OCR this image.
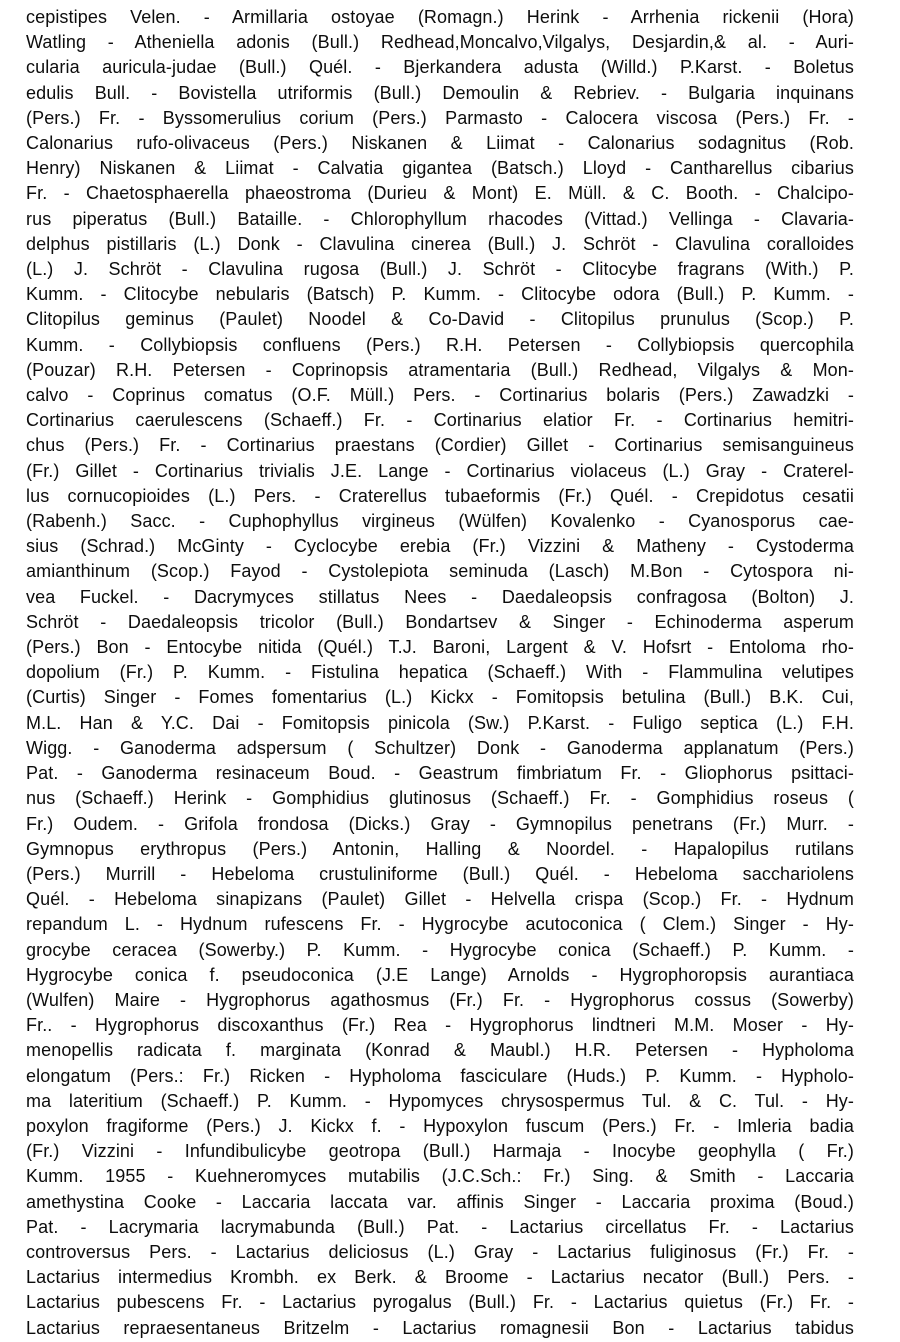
cepistipes Velen. - Armillaria ostoyae (Romagn.) Herink - Arrhenia rickenii (Hora)
Watling - Atheniella adonis (Bull.) Redhead,Moncalvo,Vilgalys, Desjardin,& al. - Auri-
cularia auricula-judae (Bull.) Quél. - Bjerkandera adusta (Willd.) P.Karst. - Boletus
edulis Bull. - Bovistella utriformis (Bull.) Demoulin & Rebriev. - Bulgaria inquinans
(Pers.) Fr. - Byssomerulius corium (Pers.) Parmasto - Calocera viscosa (Pers.) Fr. -
Calonarius rufo-olivaceus (Pers.) Niskanen & Liimat - Calonarius sodagnitus (Rob.
Henry) Niskanen & Liimat - Calvatia gigantea (Batsch.) Lloyd - Cantharellus cibarius
Fr. - Chaetosphaerella phaeostroma (Durieu & Mont) E. Müll. & C. Booth. - Chalcipo-
rus piperatus (Bull.) Bataille. - Chlorophyllum rhacodes (Vittad.) Vellinga - Clavaria-
delphus pistillaris (L.) Donk - Clavulina cinerea (Bull.) J. Schröt - Clavulina coralloides
(L.) J. Schröt - Clavulina rugosa (Bull.) J. Schröt - Clitocybe fragrans (With.) P.
Kumm. - Clitocybe nebularis (Batsch) P. Kumm. - Clitocybe odora (Bull.) P. Kumm. -
Clitopilus geminus (Paulet) Noodel & Co-David - Clitopilus prunulus (Scop.) P.
Kumm. - Collybiopsis confluens (Pers.) R.H. Petersen - Collybiopsis quercophila
(Pouzar) R.H. Petersen - Coprinopsis atramentaria (Bull.) Redhead, Vilgalys & Mon-
calvo - Coprinus comatus (O.F. Müll.) Pers. - Cortinarius bolaris (Pers.) Zawadzki -
Cortinarius caerulescens (Schaeff.) Fr. - Cortinarius elatior Fr. - Cortinarius hemitri-
chus (Pers.) Fr. - Cortinarius praestans (Cordier) Gillet - Cortinarius semisanguineus
(Fr.) Gillet - Cortinarius trivialis J.E. Lange - Cortinarius violaceus (L.) Gray - Craterel-
lus cornucopioides (L.) Pers. - Craterellus tubaeformis (Fr.) Quél. - Crepidotus cesatii
(Rabenh.) Sacc. - Cuphophyllus virgineus (Wülfen) Kovalenko - Cyanosporus cae-
sius (Schrad.) McGinty - Cyclocybe erebia (Fr.) Vizzini & Matheny - Cystoderma
amianthinum (Scop.) Fayod - Cystolepiota seminuda (Lasch) M.Bon - Cytospora ni-
vea Fuckel. - Dacrymyces stillatus Nees - Daedaleopsis confragosa (Bolton) J.
Schröt - Daedaleopsis tricolor (Bull.) Bondartsev & Singer - Echinoderma asperum
(Pers.) Bon - Entocybe nitida (Quél.) T.J. Baroni, Largent & V. Hofsrt - Entoloma rho-
dopolium (Fr.) P. Kumm. - Fistulina hepatica (Schaeff.) With - Flammulina velutipes
(Curtis) Singer - Fomes fomentarius (L.) Kickx - Fomitopsis betulina (Bull.) B.K. Cui,
M.L. Han & Y.C. Dai - Fomitopsis pinicola (Sw.) P.Karst. - Fuligo septica (L.) F.H.
Wigg. - Ganoderma adspersum ( Schultzer) Donk - Ganoderma applanatum (Pers.)
Pat. - Ganoderma resinaceum Boud. - Geastrum fimbriatum Fr. - Gliophorus psittaci-
nus (Schaeff.) Herink - Gomphidius glutinosus (Schaeff.) Fr. - Gomphidius roseus (
Fr.) Oudem. - Grifola frondosa (Dicks.) Gray - Gymnopilus penetrans (Fr.) Murr. -
Gymnopus erythropus (Pers.) Antonin, Halling & Noordel. - Hapalopilus rutilans
(Pers.) Murrill - Hebeloma crustuliniforme (Bull.) Quél. - Hebeloma sacchariolens
Quél. - Hebeloma sinapizans (Paulet) Gillet - Helvella crispa (Scop.) Fr. - Hydnum
repandum L. - Hydnum rufescens Fr. - Hygrocybe acutoconica ( Clem.) Singer - Hy-
grocybe ceracea (Sowerby.) P. Kumm. - Hygrocybe conica (Schaeff.) P. Kumm. -
Hygrocybe conica f. pseudoconica (J.E Lange) Arnolds - Hygrophoropsis aurantiaca
(Wulfen) Maire - Hygrophorus agathosmus (Fr.) Fr. - Hygrophorus cossus (Sowerby)
Fr.. - Hygrophorus discoxanthus (Fr.) Rea - Hygrophorus lindtneri M.M. Moser - Hy-
menopellis radicata f. marginata (Konrad & Maubl.) H.R. Petersen - Hypholoma
elongatum (Pers.: Fr.) Ricken - Hypholoma fasciculare (Huds.) P. Kumm. - Hypholo-
ma lateritium (Schaeff.) P. Kumm. - Hypomyces chrysospermus Tul. & C. Tul. - Hy-
poxylon fragiforme (Pers.) J. Kickx f. - Hypoxylon fuscum (Pers.) Fr. - Imleria badia
(Fr.) Vizzini - Infundibulicybe geotropa (Bull.) Harmaja - Inocybe geophylla ( Fr.)
Kumm. 1955 - Kuehneromyces mutabilis (J.C.Sch.: Fr.) Sing. & Smith - Laccaria
amethystina Cooke - Laccaria laccata var. affinis Singer - Laccaria proxima (Boud.)
Pat. - Lacrymaria lacrymabunda (Bull.) Pat. - Lactarius circellatus Fr. - Lactarius
controversus Pers. - Lactarius deliciosus (L.) Gray - Lactarius fuliginosus (Fr.) Fr. -
Lactarius intermedius Krombh. ex Berk. & Broome - Lactarius necator (Bull.) Pers. -
Lactarius pubescens Fr. - Lactarius pyrogalus (Bull.) Fr. - Lactarius quietus (Fr.) Fr. -
Lactarius repraesentaneus Britzelm - Lactarius romagnesii Bon - Lactarius tabidus
